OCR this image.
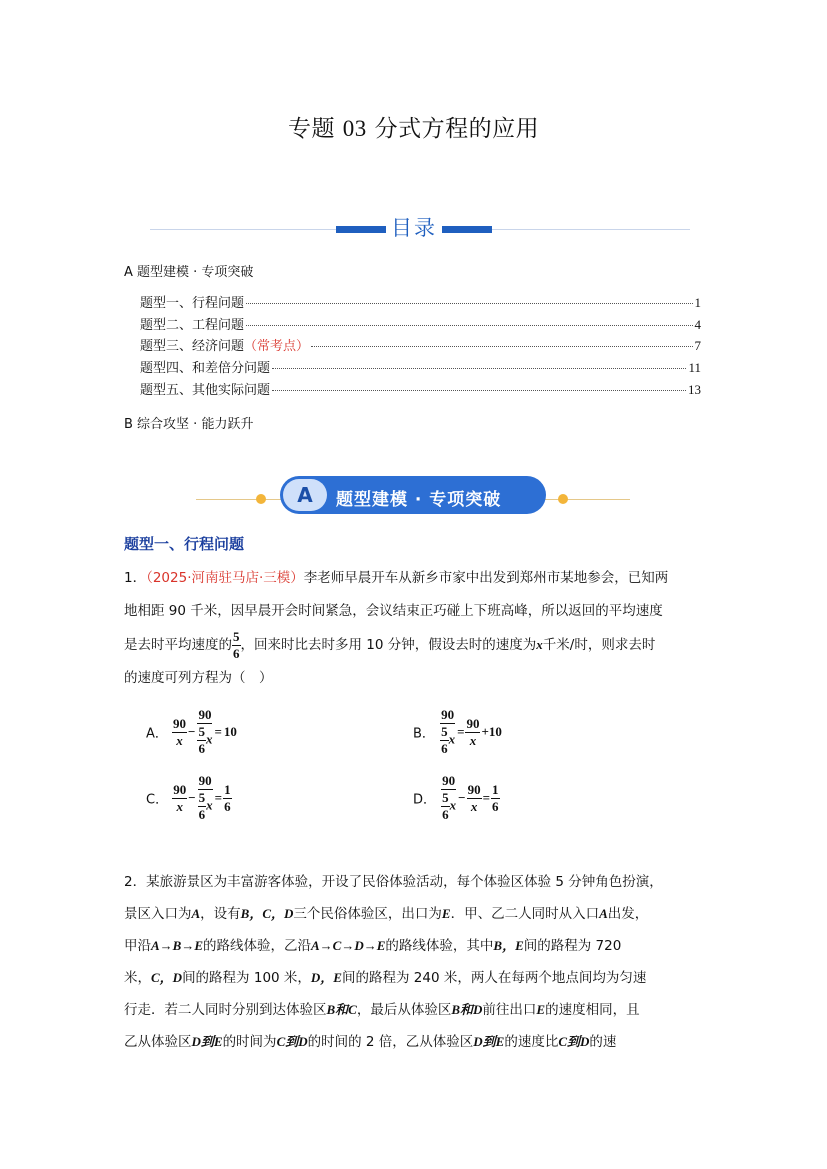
专题 03 分式方程的应用
目录
A 题型建模 · 专项突破
题型一、行程问题	1
题型二、工程问题	4
题型三、经济问题 （常考点）	7
题型四、和差倍分问题	11
题型五、其他实际问题	13
B 综合攻坚 · 能力跃升
A	题型建模 · 专项突破
题型一、行程问题
1．（2025·河南驻马店·三模）李老师早晨开车从新乡市家中出发到郑州市某地参会，已知两
地相距 90 千米，因早晨开会时间紧急，会议结束正巧碰上下班高峰，所以返回的平均速度
是去时平均速度的 $\frac{5}{6}$ ，回来时比去时多用 10 分钟，假设去时的速度为x千米/时，则求去时
的速度可列方程为（　）
A． $\frac{90}{x} - \frac{90}{\frac{5}{6} x} = 10$	B． $\frac{90}{\frac{5}{6} x} = \frac{90}{x} +10$
C． $\frac{90}{x} - \frac{90}{\frac{5}{6} x} = \frac{1}{6}$	D． $\frac{90}{\frac{5}{6} x} - \frac{90}{x} = \frac{1}{6}$
2．某旅游景区为丰富游客体验，开设了民俗体验活动，每个体验区体验 5 分钟角色扮演，
景区入口为A，设有B，C，D三个民俗体验区，出口为E．甲、乙二人同时从入口A出发，
甲沿A→B→E的路线体验，乙沿A→C→D→E的路线体验，其中B，E间的路程为 720
米，C，D间的路程为 100 米，D，E间的路程为 240 米，两人在每两个地点间均为匀速
行走．若二人同时分别到达体验区B和C，最后从体验区B和D前往出口E的速度相同，且
乙从体验区D到E的时间为C到D的时间的 2 倍，乙从体验区D到E的速度比C到D的速
